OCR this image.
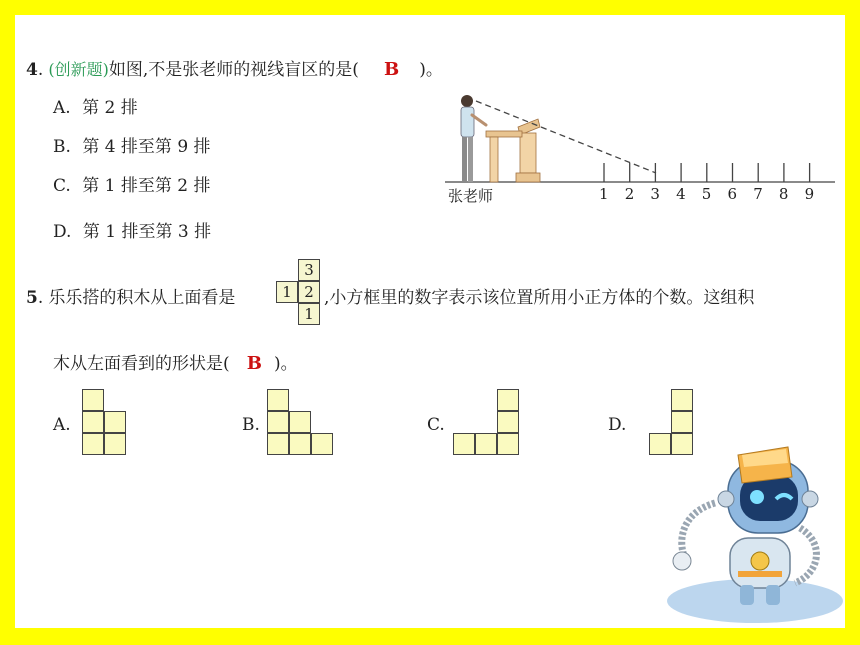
4. (创新题)如图,不是张老师的视线盲区的是( B )。
A. 第 2 排
B. 第 4 排至第 9 排
C. 第 1 排至第 2 排
D. 第 1 排至第 3 排
张老师	1 2 3 4 5 6 7 8 9
5. 乐乐搭的积木从上面看是
3
1 2
1
,小方框里的数字表示该位置所用小正方体的个数。这组积
木从左面看到的形状是( B )。
A.	B.	C.	D.
